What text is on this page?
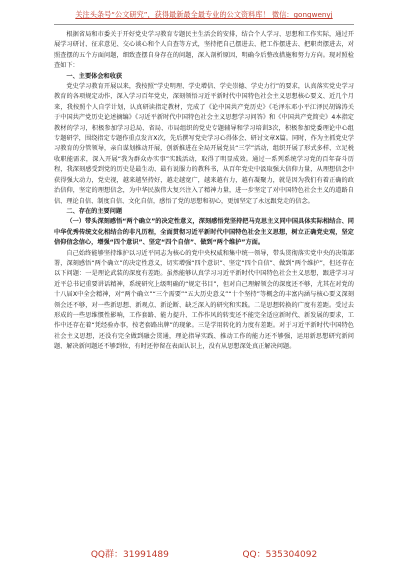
关注头条号“公文研究”，获得最新最全最专业的公文资料库！ 微信：gongwenyj

根据省局和市委关于开好党史学习教育专题民主生活会的安排，结合个人学习、思想和工作实际，通过开展学习研讨、征求意见、交心谈心和个人自查等方式，坚持把自己摆进去、把工作摆进去、把职责摆进去，对照查摆的五个方面问题，细致查摆自身存在的问题，深入剖析原因，明确今后整改措施和努力方向。现对照检查如下：

一、主要体会和收获

党史学习教育开展以来，我按照“学史明理、学史增信、学史崇德、学史力行”的要求，认真落实党史学习教育的各项规定动作，深入学习百年党史，深刻领悟习近平新时代中国特色社会主义思想核心要义、近几个月来，我按照个人自学计划，认真研读指定教材，完成了《论中国共产党历史》《毛泽东邓小平江泽民胡锦涛关于中国共产党历史论述摘编》《习近平新时代中国特色社会主义思想学习问答》和《中国共产党简史》4本指定教材的学习，积极参加学习总局、省局、市局组织的党史专题辅导和学习培训3次，积极参加党委理论中心组专题研学，围绕指定专题作重点发言X次，先后撰写党史学习心得体会、研讨文章X篇。同时，作为主抓党史学习教育的分管领导，亲自谋划推动开展，创新推进在全局开展党员“三学”活动，组织开展了形式多样、立足税收职能需求，深入开展“我为群众办实事”实践活动，取得了明显成效。通过一系列系统学习党的百年奋斗历程，我深刻感受到党的历史是最生动、最有说服力的教科书，从百年党史中汲取强大信仰力量，从理想信念中获得强大动力，党史视，越来越坚持好，越走越宽广，越来越有力，越有凝聚力，就是因为我们有着正确的政治信仰，坚定的理想信念，为中华民族伟大复兴注入了精神力量，进一步坚定了对中国特色社会主义的道路自信、理论自信、制度自信、文化自信，感悟了党的思想和初心，更加坚定了永远跟党走的信念。

二、存在的主要问题

（一）带头深刻感悟“两个确立”的决定性意义，深刻感悟党坚持把马克思主义同中国具体实际相结合、同中华优秀传统文化相结合的非凡历程，全面贯彻习近平新时代中国特色社会主义思想，树立正确党史观，坚定信仰信念信心，增强“四个意识”、坚定“四个自信”、做到“两个维护”方面。

自己始终能够坚持维护以习近平同志为核心的党中央权威和集中统一领导，带头贯彻落实党中央的决策部署，深刻感悟“两个确立”的决定性意义，切实增强“四个意识”、坚定“四个自信”、做到“两个维护”，但还存在以下问题：一是理论武装的深度有差距。虽然能够认真学习习近平新时代中国特色社会主义思想，跟进学习习近平总书记重要讲话精神，系统研究上级明确的“规定书目”，但对自己理解领会的深度还不够，尤其在对党的十八届X中全会精神，对“两个确立”“三个需要”“五大历史意义”“十个坚持”等概念的丰富内涵与核心要义深刻领会还不够，对一些新思想、新观点、新论断、缺乏深入的研究和实践。二是思想转换的广度有差距。受过去形成的一些思维惯性影响，工作套路、能力提升、工作作风的转变还不能完全适应新时代、新发展的要求，工作中还存在着“凭经验办事，按老套路出牌”的现象。三是学用转化的力度有差距。对于习近平新时代中国特色社会主义思想，还没有完全做到融会贯通，理论指导实践、推动工作的能力还不够强，运用新思想研究新问题、解决新问题还不够到位，有时还停留在表面认识上，没有从思想深处真正解决问题。

QQ群：31991489	QQ：535304092
